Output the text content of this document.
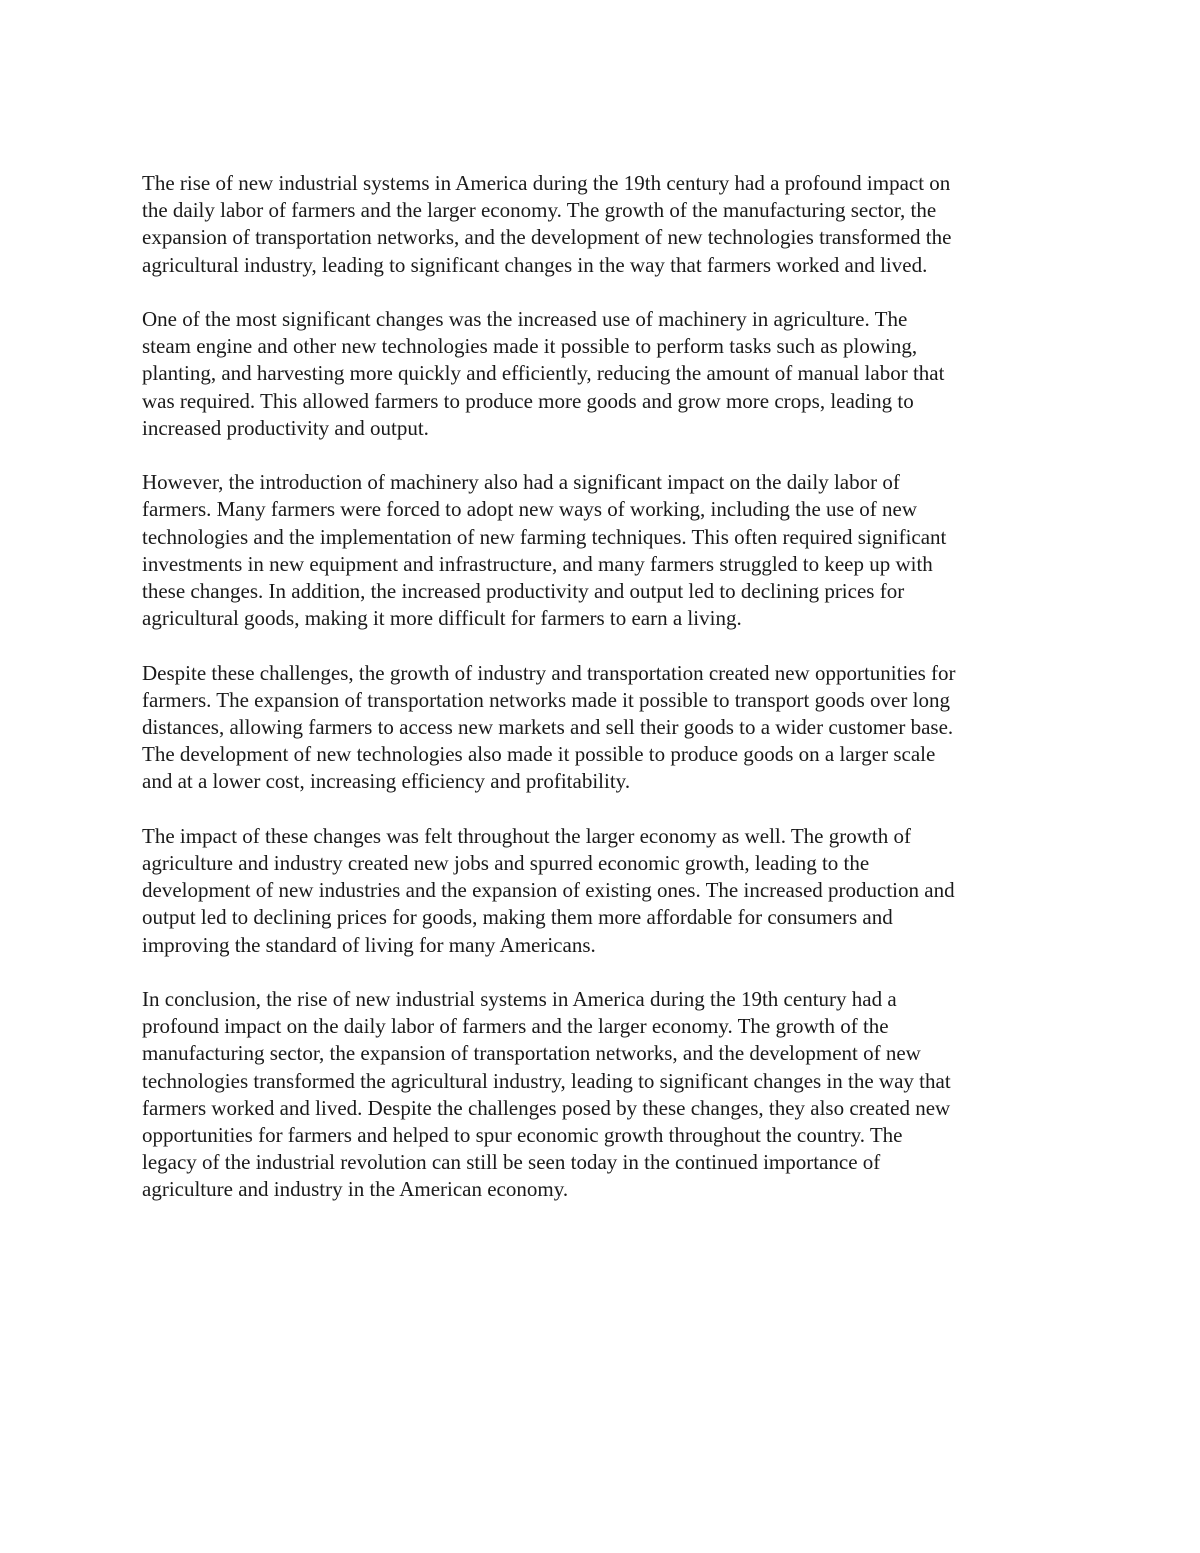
The rise of new industrial systems in America during the 19th century had a profound impact on
the daily labor of farmers and the larger economy. The growth of the manufacturing sector, the
expansion of transportation networks, and the development of new technologies transformed the
agricultural industry, leading to significant changes in the way that farmers worked and lived.

One of the most significant changes was the increased use of machinery in agriculture. The
steam engine and other new technologies made it possible to perform tasks such as plowing,
planting, and harvesting more quickly and efficiently, reducing the amount of manual labor that
was required. This allowed farmers to produce more goods and grow more crops, leading to
increased productivity and output.

However, the introduction of machinery also had a significant impact on the daily labor of
farmers. Many farmers were forced to adopt new ways of working, including the use of new
technologies and the implementation of new farming techniques. This often required significant
investments in new equipment and infrastructure, and many farmers struggled to keep up with
these changes. In addition, the increased productivity and output led to declining prices for
agricultural goods, making it more difficult for farmers to earn a living.

Despite these challenges, the growth of industry and transportation created new opportunities for
farmers. The expansion of transportation networks made it possible to transport goods over long
distances, allowing farmers to access new markets and sell their goods to a wider customer base.
The development of new technologies also made it possible to produce goods on a larger scale
and at a lower cost, increasing efficiency and profitability.

The impact of these changes was felt throughout the larger economy as well. The growth of
agriculture and industry created new jobs and spurred economic growth, leading to the
development of new industries and the expansion of existing ones. The increased production and
output led to declining prices for goods, making them more affordable for consumers and
improving the standard of living for many Americans.

In conclusion, the rise of new industrial systems in America during the 19th century had a
profound impact on the daily labor of farmers and the larger economy. The growth of the
manufacturing sector, the expansion of transportation networks, and the development of new
technologies transformed the agricultural industry, leading to significant changes in the way that
farmers worked and lived. Despite the challenges posed by these changes, they also created new
opportunities for farmers and helped to spur economic growth throughout the country. The
legacy of the industrial revolution can still be seen today in the continued importance of
agriculture and industry in the American economy.
